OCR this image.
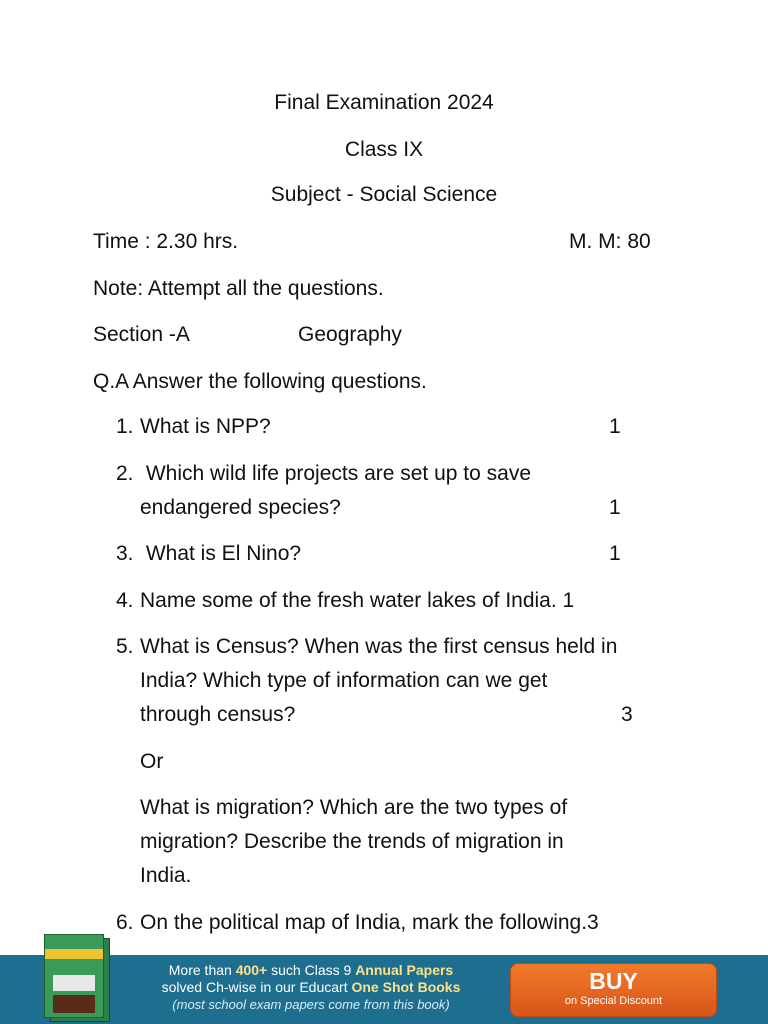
Final Examination 2024
Class IX
Subject - Social Science
Time : 2.30 hrs.	M. M: 80
Note: Attempt all the questions.
Section -A	Geography
Q.A Answer the following questions.
1. What is NPP?	1
2. Which wild life projects are set up to save
endangered species?	1
3. What is El Nino?	1
4. Name some of the fresh water lakes of India. 1
5. What is Census? When was the first census held in
India? Which type of information can we get
through census?	3
Or
What is migration? Which are the two types of
migration? Describe the trends of migration in
India.
6. On the political map of India, mark the following.3
More than 400+ such Class 9 Annual Papers
solved Ch-wise in our Educart One Shot Books
(most school exam papers come from this book)
BUY
on Special Discount
